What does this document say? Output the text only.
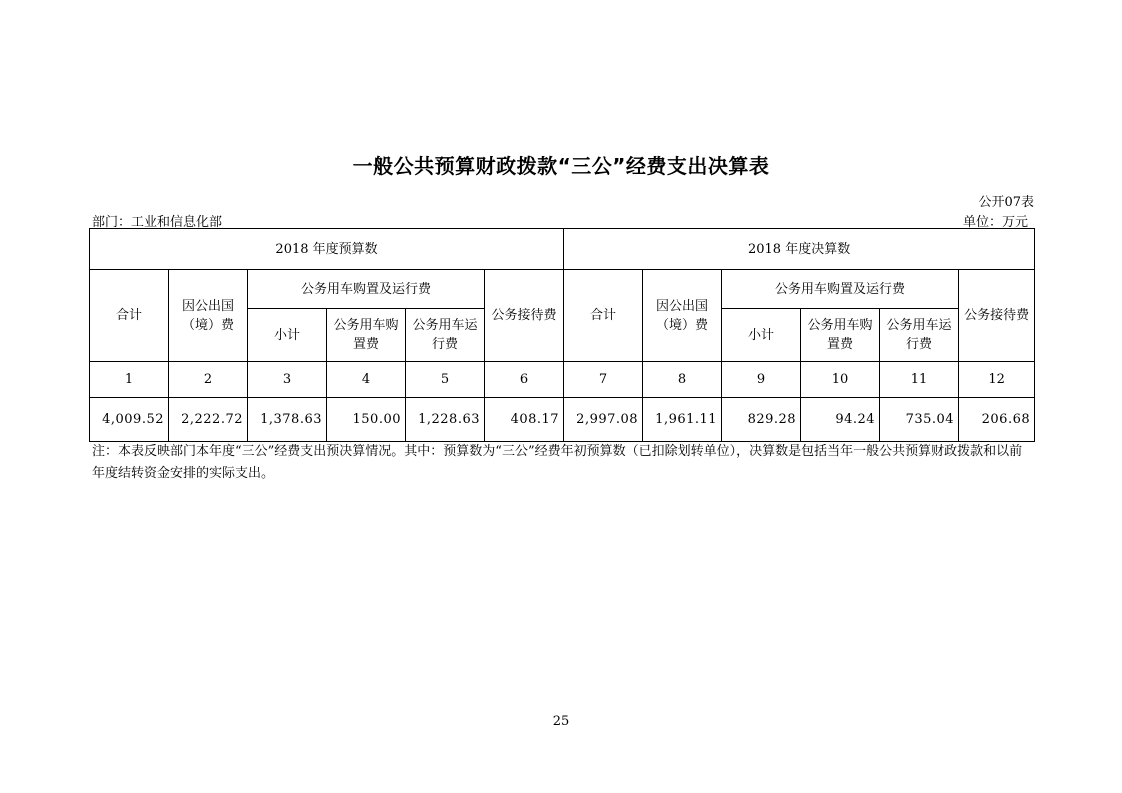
一般公共预算财政拨款“三公”经费支出决算表
公开07表
部门：工业和信息化部	单位：万元
2018 年度预算数						2018 年度决算数					
合计	因公出国（境）费	公务用车购置及运行费			公务接待费	合计	因公出国（境）费	公务用车购置及运行费			公务接待费
		小计	公务用车购置费	公务用车运行费				小计	公务用车购置费	公务用车运行费	
1	2	3	4	5	6	7	8	9	10	11	12
4,009.52	2,222.72	1,378.63	150.00	1,228.63	408.17	2,997.08	1,961.11	829.28	94.24	735.04	206.68
注：本表反映部门本年度“三公”经费支出预决算情况。其中：预算数为“三公”经费年初预算数（已扣除划转单位），决算数是包括当年一般公共预算财政拨款和以前年度结转资金安排的实际支出。
25
